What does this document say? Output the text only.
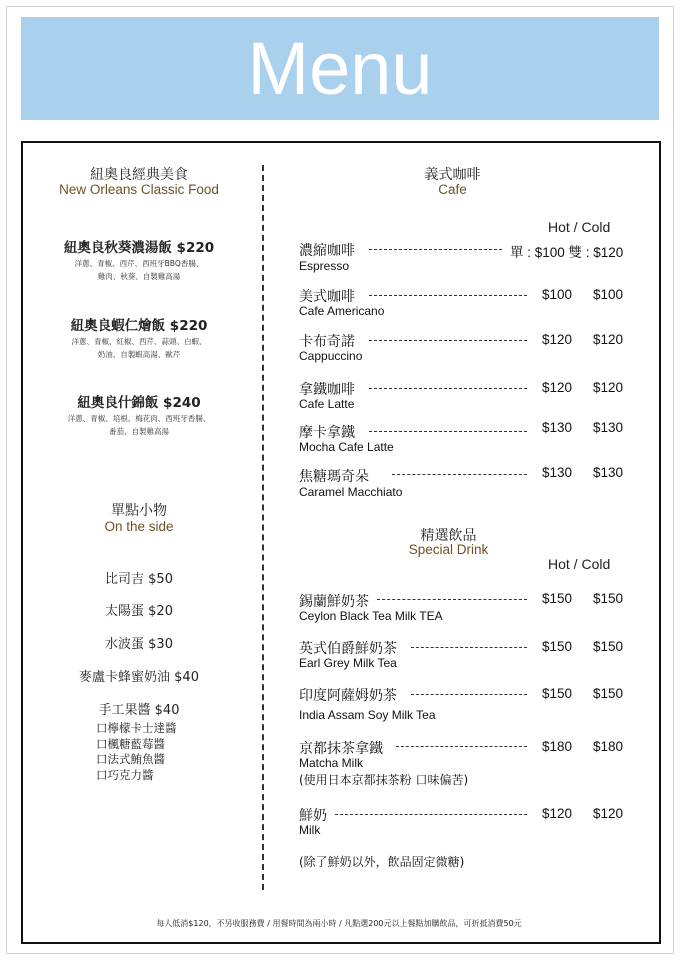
Menu
紐奧良經典美食
New Orleans Classic Food
紐奧良秋葵濃湯飯 $220
洋蔥、青椒、西芹、西班牙BBQ香腸、
雞肉、秋葵、自製雞高湯
紐奧良蝦仁燴飯 $220
洋蔥、青椒、紅椒、西芹、蒜頭、白蝦、
奶油、自製蝦高湯、歐芹
紐奧良什錦飯 $240
洋蔥、青椒、培根、梅花肉、西班牙香腸、
番茄、自製雞高湯
單點小物
On the side
比司吉 $50
太陽蛋 $20
水波蛋 $30
麥盧卡蜂蜜奶油 $40
手工果醬 $40
口檸檬卡士達醬
口楓糖藍莓醬
口法式鮪魚醬
口巧克力醬
義式咖啡
Cafe
Hot / Cold
濃縮咖啡	單 : $100 雙 : $120
Espresso
美式咖啡	$100 $100
Cafe Americano
卡布奇諾	$120 $120
Cappuccino
拿鐵咖啡	$120 $120
Cafe Latte
摩卡拿鐵	$130 $130
Mocha Cafe Latte
焦糖瑪奇朵	$130 $130
Caramel Macchiato
精選飲品
Special Drink
Hot / Cold
錫蘭鮮奶茶	$150 $150
Ceylon Black Tea Milk TEA
英式伯爵鮮奶茶	$150 $150
Earl Grey Milk Tea
印度阿薩姆奶茶	$150 $150
India Assam Soy Milk Tea
京都抹茶拿鐵	$180 $180
Matcha Milk
(使用日本京都抹茶粉 口味偏苦)
鮮奶	$120 $120
Milk
(除了鮮奶以外，飲品固定微糖)
每人低消$120，不另收服務費 / 用餐時間為兩小時 / 凡點選200元以上餐點加購飲品，可折抵消費50元
